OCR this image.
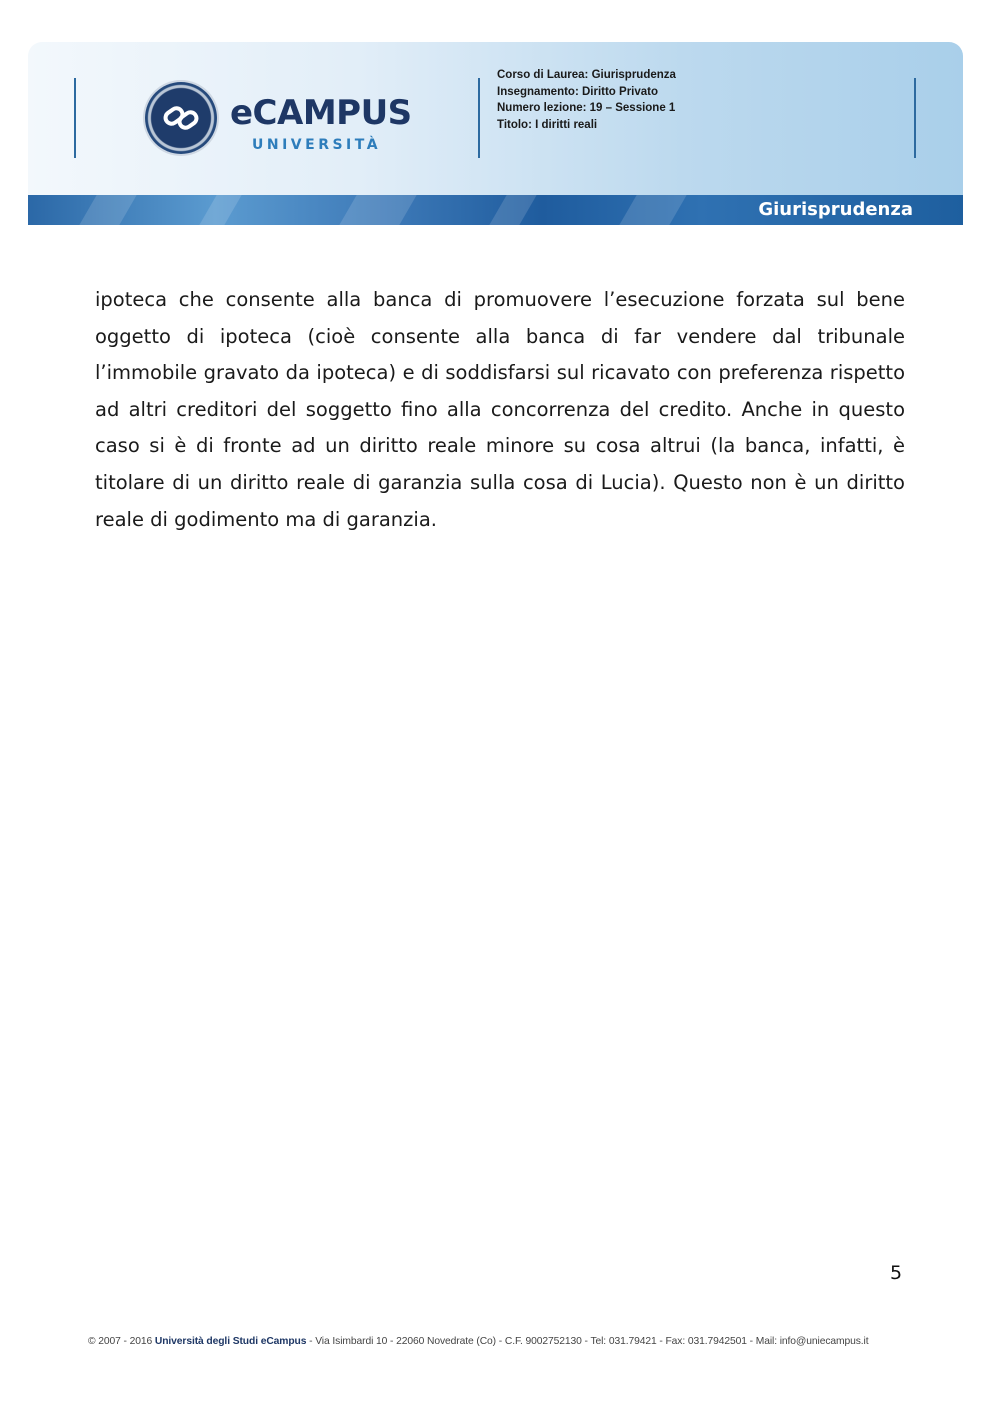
eCAMPUS
UNIVERSITÀ
Corso di Laurea: Giurisprudenza
Insegnamento: Diritto Privato
Numero lezione: 19 – Sessione 1
Titolo: I diritti reali
Giurisprudenza
ipoteca che consente alla banca di promuovere l’esecuzione forzata sul bene oggetto di ipoteca (cioè consente alla banca di far vendere dal tribunale l’immobile gravato da ipoteca) e di soddisfarsi sul ricavato con preferenza rispetto ad altri creditori del soggetto fino alla concorrenza del credito. Anche in questo caso si è di fronte ad un diritto reale minore su cosa altrui (la banca, infatti, è titolare di un diritto reale di garanzia sulla cosa di Lucia). Questo non è un diritto reale di godimento ma di garanzia.
5
© 2007 - 2016 Università degli Studi eCampus - Via Isimbardi 10 - 22060 Novedrate (Co) - C.F. 9002752130 - Tel: 031.79421 - Fax: 031.7942501 - Mail: info@uniecampus.it
